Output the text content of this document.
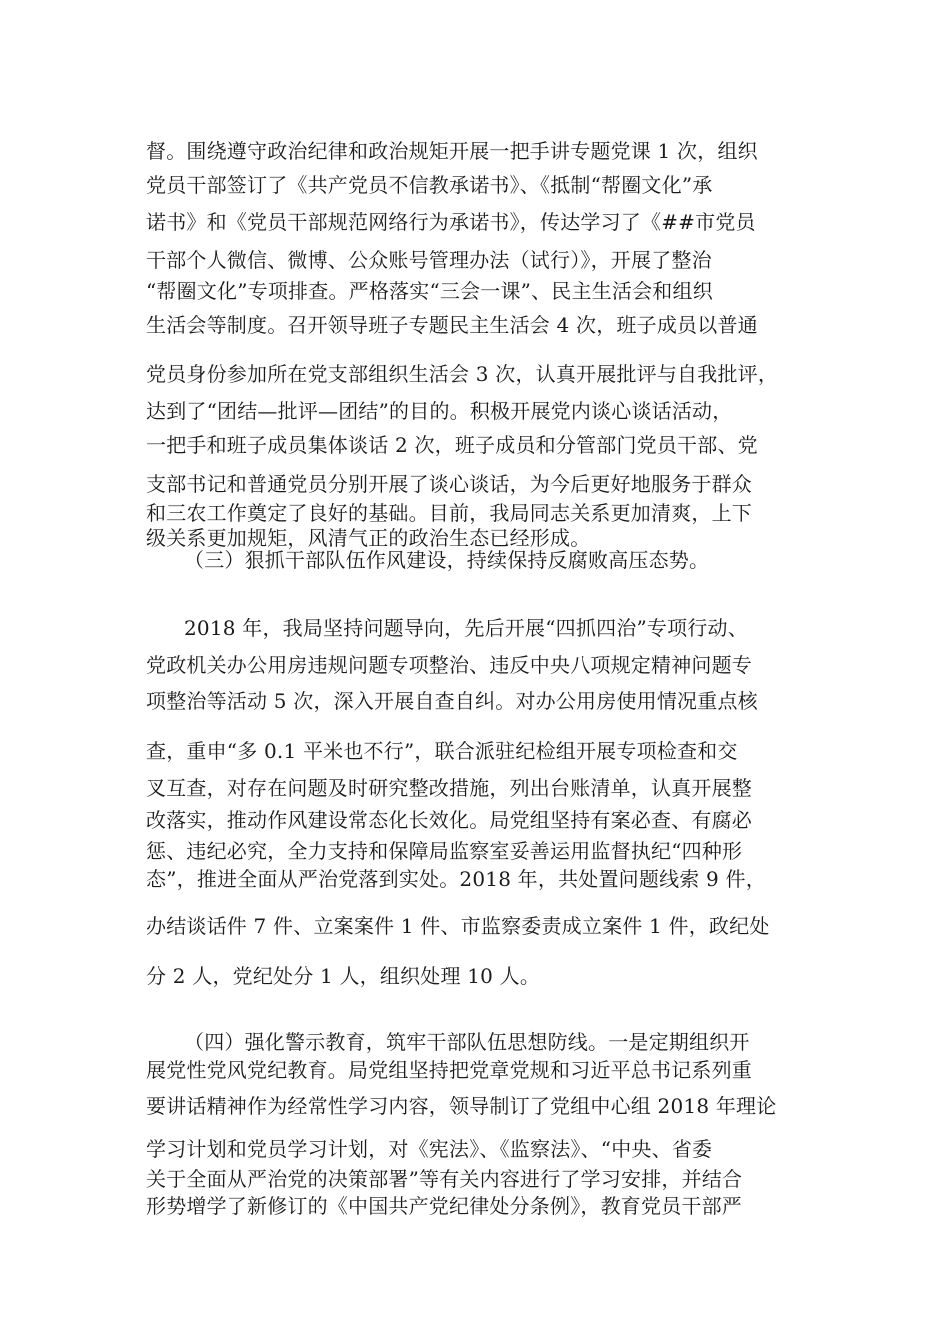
督。围绕遵守政治纪律和政治规矩开展一把手讲专题党课 1 次，组织
党员干部签订了《共产党员不信教承诺书》、《抵制“帮圈文化”承
诺书》和《党员干部规范网络行为承诺书》，传达学习了《##市党员
干部个人微信、微博、公众账号管理办法（试行）》，开展了整治
“帮圈文化”专项排查。严格落实“三会一课”、民主生活会和组织
生活会等制度。召开领导班子专题民主生活会 4 次，班子成员以普通
党员身份参加所在党支部组织生活会 3 次，认真开展批评与自我批评，
达到了“团结—批评—团结”的目的。积极开展党内谈心谈话活动，
一把手和班子成员集体谈话 2 次，班子成员和分管部门党员干部、党
支部书记和普通党员分别开展了谈心谈话，为今后更好地服务于群众
和三农工作奠定了良好的基础。目前，我局同志关系更加清爽，上下
级关系更加规矩，风清气正的政治生态已经形成。
（三）狠抓干部队伍作风建设，持续保持反腐败高压态势。
2018 年，我局坚持问题导向，先后开展“四抓四治”专项行动、
党政机关办公用房违规问题专项整治、违反中央八项规定精神问题专
项整治等活动 5 次，深入开展自查自纠。对办公用房使用情况重点核
查，重申“多 0.1 平米也不行”，联合派驻纪检组开展专项检查和交
叉互查，对存在问题及时研究整改措施，列出台账清单，认真开展整
改落实，推动作风建设常态化长效化。局党组坚持有案必查、有腐必
惩、违纪必究，全力支持和保障局监察室妥善运用监督执纪“四种形
态”，推进全面从严治党落到实处。2018 年，共处置问题线索 9 件，
办结谈话件 7 件、立案案件 1 件、市监察委责成立案件 1 件，政纪处
分 2 人，党纪处分 1 人，组织处理 10 人。
（四）强化警示教育，筑牢干部队伍思想防线。一是定期组织开
展党性党风党纪教育。局党组坚持把党章党规和习近平总书记系列重
要讲话精神作为经常性学习内容，领导制订了党组中心组 2018 年理论
学习计划和党员学习计划，对《宪法》、《监察法》、“中央、省委
关于全面从严治党的决策部署”等有关内容进行了学习安排，并结合
形势增学了新修订的《中国共产党纪律处分条例》，教育党员干部严
